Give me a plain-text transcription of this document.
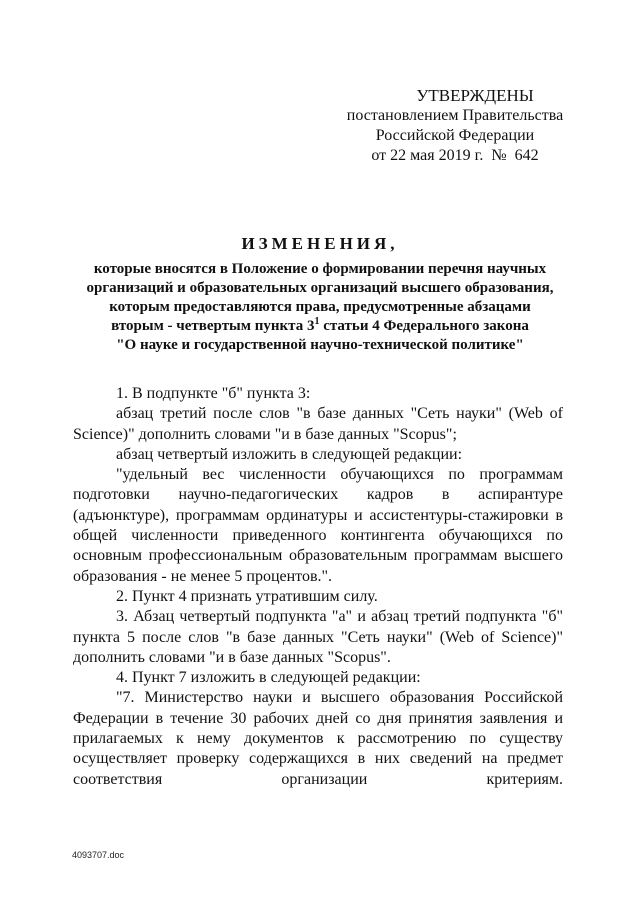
УТВЕРЖДЕНЫ
постановлением Правительства
Российской Федерации
от 22 мая 2019 г.  №  642
ИЗМЕНЕНИЯ,
которые вносятся в Положение о формировании перечня научных
организаций и образовательных организаций высшего образования,
которым предоставляются права, предусмотренные абзацами
вторым - четвертым пункта $3^1$ статьи 4 Федерального закона
"О науке и государственной научно-технической политике"

1. В подпункте "б" пункта 3:

абзац третий после слов "в базе данных "Сеть науки" (Web of Science)" дополнить словами "и в базе данных "Scopus";

абзац четвертый изложить в следующей редакции:

"удельный вес численности обучающихся по программам подготовки научно-педагогических кадров в аспирантуре (адъюнктуре), программам ординатуры и ассистентуры-стажировки в общей численности приведенного контингента обучающихся по основным профессиональным образовательным программам высшего образования - не менее 5 процентов.".

2. Пункт 4 признать утратившим силу.

3. Абзац четвертый подпункта "а" и абзац третий подпункта "б" пункта 5 после слов "в базе данных "Сеть науки" (Web of Science)" дополнить словами "и в базе данных "Scopus".

4. Пункт 7 изложить в следующей редакции:

"7. Министерство науки и высшего образования Российской Федерации в течение 30 рабочих дней со дня принятия заявления и прилагаемых к нему документов к рассмотрению по существу осуществляет проверку содержащихся в них сведений на предмет соответствия организации критериям.

4093707.doc
